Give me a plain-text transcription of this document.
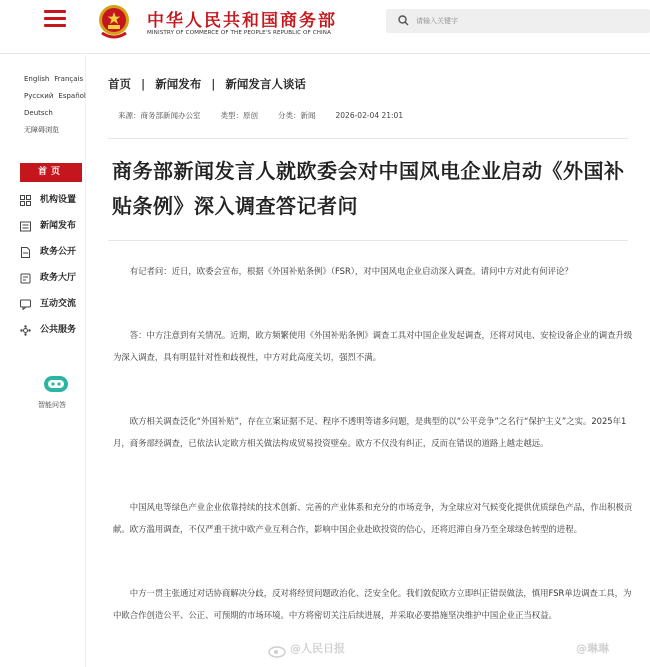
中华人民共和国商务部
MINISTRY OF COMMERCE OF THE PEOPLE'S REPUBLIC OF CHINA
请输入关键字
English Français
Русский Español
Deutsch
无障碍浏览
首页
机构设置
新闻发布
政务公开
政务大厅
互动交流
公共服务
智能问答
首页 | 新闻发布 | 新闻发言人谈话
来源：商务部新闻办公室	类型：原创	分类：新闻	2026-02-04 21:01
商务部新闻发言人就欧委会对中国风电企业启动《外国补贴条例》深入调查答记者问

有记者问：近日，欧委会宣布，根据《外国补贴条例》（FSR），对中国风电企业启动深入调查。请问中方对此有何评论？

答：中方注意到有关情况。近期，欧方频繁使用《外国补贴条例》调查工具对中国企业发起调查，还将对风电、安检设备企业的调查升级为深入调查，具有明显针对性和歧视性，中方对此高度关切，强烈不满。

欧方相关调查泛化“外国补贴”，存在立案证据不足、程序不透明等诸多问题，是典型的以“公平竞争”之名行“保护主义”之实。2025年1月，商务部经调查，已依法认定欧方相关做法构成贸易投资壁垒。欧方不仅没有纠正，反而在错误的道路上越走越远。

中国风电等绿色产业企业依靠持续的技术创新、完善的产业体系和充分的市场竞争，为全球应对气候变化提供优质绿色产品，作出积极贡献。欧方滥用调查，不仅严重干扰中欧产业互利合作，影响中国企业赴欧投资的信心，还将迟滞自身乃至全球绿色转型的进程。

中方一贯主张通过对话协商解决分歧，反对将经贸问题政治化、泛安全化。我们敦促欧方立即纠正错误做法，慎用FSR单边调查工具，为中欧合作创造公平、公正、可预期的市场环境。中方将密切关注后续进展，并采取必要措施坚决维护中国企业正当权益。

@人民日报	@琳琳
